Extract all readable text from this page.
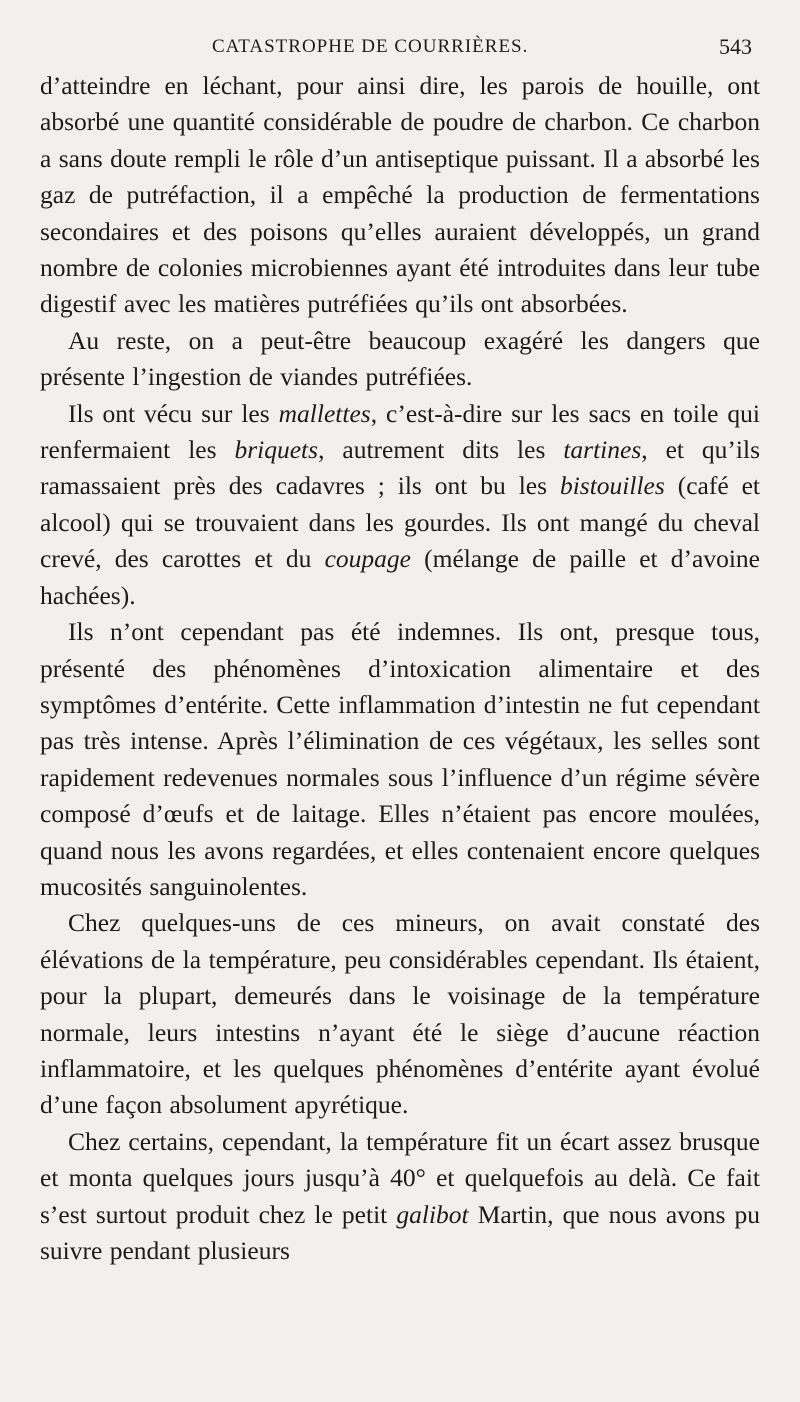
CATASTROPHE DE COURRIÈRES.	543

d’atteindre en léchant, pour ainsi dire, les parois de houille, ont absorbé une quantité considérable de poudre de charbon. Ce charbon a sans doute rempli le rôle d’un antiseptique puissant. Il a absorbé les gaz de putréfaction, il a empêché la production de fermentations secondaires et des poisons qu’elles auraient développés, un grand nombre de colonies microbiennes ayant été introduites dans leur tube digestif avec les matières putréfiées qu’ils ont absorbées.

Au reste, on a peut-être beaucoup exagéré les dangers que présente l’ingestion de viandes putréfiées.

Ils ont vécu sur les mallettes, c’est-à-dire sur les sacs en toile qui renfermaient les briquets, autrement dits les tartines, et qu’ils ramassaient près des cadavres ; ils ont bu les bistouilles (café et alcool) qui se trouvaient dans les gourdes. Ils ont mangé du cheval crevé, des carottes et du coupage (mélange de paille et d’avoine hachées).

Ils n’ont cependant pas été indemnes. Ils ont, presque tous, présenté des phénomènes d’intoxication alimentaire et des symptômes d’entérite. Cette inflammation d’intestin ne fut cependant pas très intense. Après l’élimination de ces végétaux, les selles sont rapidement redevenues normales sous l’influence d’un régime sévère composé d’œufs et de laitage. Elles n’étaient pas encore moulées, quand nous les avons regardées, et elles contenaient encore quelques mucosités sanguinolentes.

Chez quelques-uns de ces mineurs, on avait constaté des élévations de la température, peu considérables cependant. Ils étaient, pour la plupart, demeurés dans le voisinage de la température normale, leurs intestins n’ayant été le siège d’aucune réaction inflammatoire, et les quelques phénomènes d’entérite ayant évolué d’une façon absolument apyrétique.

Chez certains, cependant, la température fit un écart assez brusque et monta quelques jours jusqu’à 40° et quelquefois au delà. Ce fait s’est surtout produit chez le petit galibot Martin, que nous avons pu suivre pendant plusieurs
